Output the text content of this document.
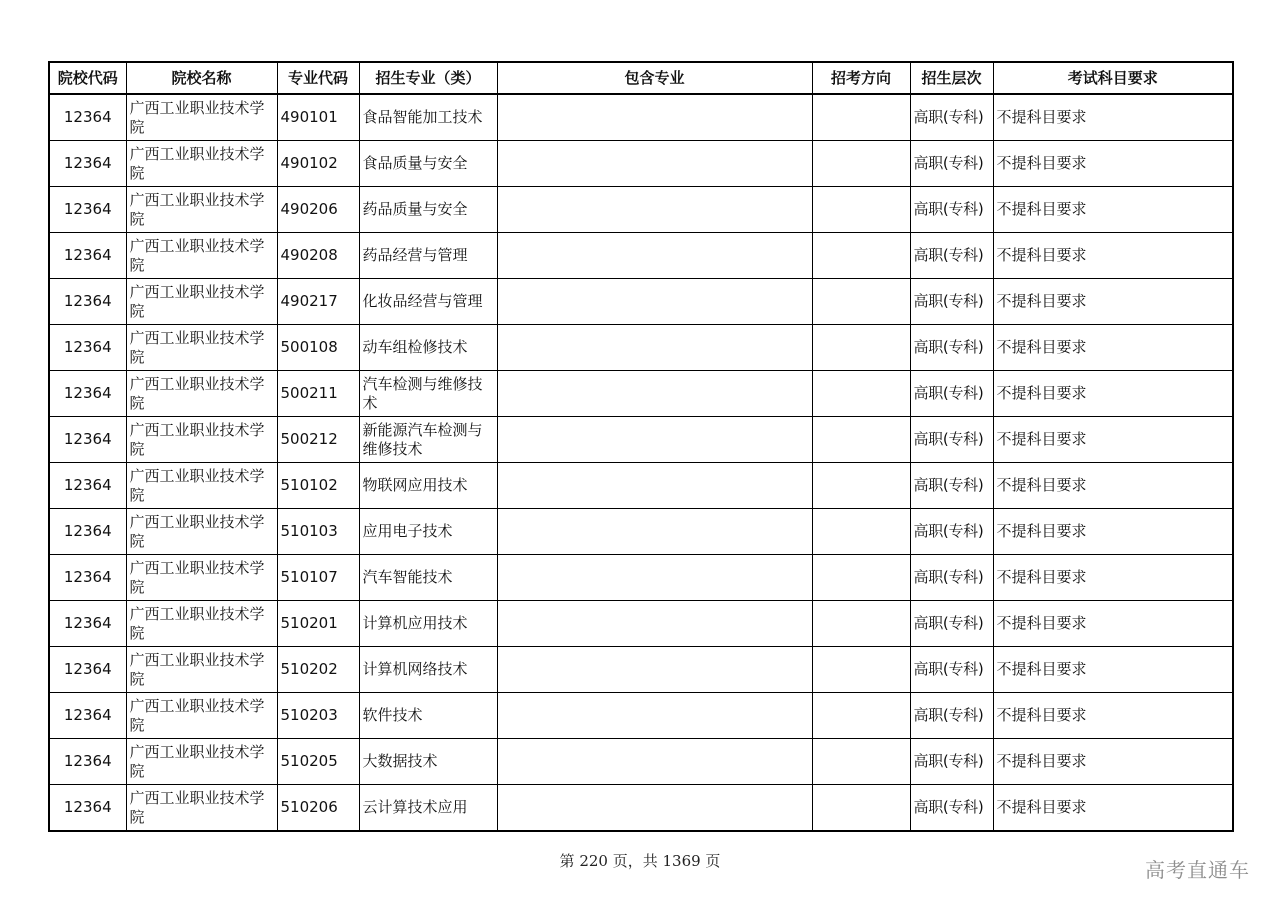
院校代码	院校名称	专业代码	招生专业（类）	包含专业	招考方向	招生层次	考试科目要求
12364	广西工业职业技术学院	490101	食品智能加工技术			高职(专科)	不提科目要求
12364	广西工业职业技术学院	490102	食品质量与安全			高职(专科)	不提科目要求
12364	广西工业职业技术学院	490206	药品质量与安全			高职(专科)	不提科目要求
12364	广西工业职业技术学院	490208	药品经营与管理			高职(专科)	不提科目要求
12364	广西工业职业技术学院	490217	化妆品经营与管理			高职(专科)	不提科目要求
12364	广西工业职业技术学院	500108	动车组检修技术			高职(专科)	不提科目要求
12364	广西工业职业技术学院	500211	汽车检测与维修技术			高职(专科)	不提科目要求
12364	广西工业职业技术学院	500212	新能源汽车检测与维修技术			高职(专科)	不提科目要求
12364	广西工业职业技术学院	510102	物联网应用技术			高职(专科)	不提科目要求
12364	广西工业职业技术学院	510103	应用电子技术			高职(专科)	不提科目要求
12364	广西工业职业技术学院	510107	汽车智能技术			高职(专科)	不提科目要求
12364	广西工业职业技术学院	510201	计算机应用技术			高职(专科)	不提科目要求
12364	广西工业职业技术学院	510202	计算机网络技术			高职(专科)	不提科目要求
12364	广西工业职业技术学院	510203	软件技术			高职(专科)	不提科目要求
12364	广西工业职业技术学院	510205	大数据技术			高职(专科)	不提科目要求
12364	广西工业职业技术学院	510206	云计算技术应用			高职(专科)	不提科目要求
第 220 页，共 1369 页	高考直通车
